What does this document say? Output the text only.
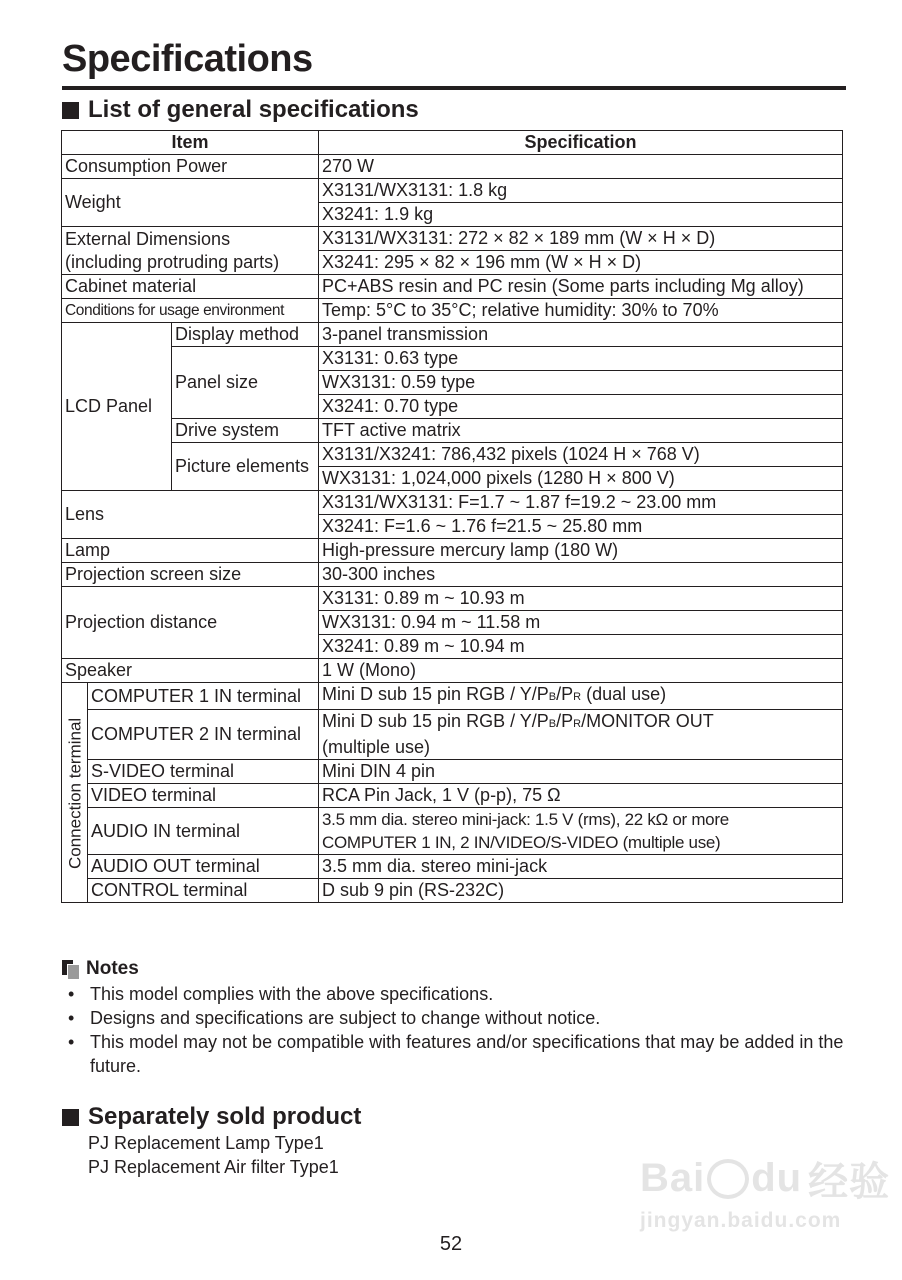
Specifications
List of general specifications
Item			Specification
Consumption Power			270 W
Weight			X3131/WX3131: 1.8 kg
			X3241: 1.9 kg

External Dimensions
(including protruding parts)			X3131/WX3131: 272 × 82 × 189 mm (W × H × D)
			X3241: 295 × 82 × 196 mm (W × H × D)
Cabinet material			PC+ABS resin and PC resin (Some parts including Mg alloy)
Conditions for usage environment			Temp: 5°C to 35°C; relative humidity: 30% to 70%
LCD Panel		Display method	3-panel transmission
		Panel size	X3131: 0.63 type
			WX3131: 0.59 type
			X3241: 0.70 type
		Drive system	TFT active matrix
		Picture elements	X3131/X3241: 786,432 pixels (1024 H × 768 V)
			WX3131: 1,024,000 pixels (1280 H × 800 V)
Lens			X3131/WX3131: F=1.7 ~ 1.87 f=19.2 ~ 23.00 mm
			X3241: F=1.6 ~ 1.76 f=21.5 ~ 25.80 mm
Lamp			High-pressure mercury lamp (180 W)
Projection screen size			30-300 inches
Projection distance			X3131: 0.89 m ~ 10.93 m
			WX3131: 0.94 m ~ 11.58 m
			X3241: 0.89 m ~ 10.94 m
Speaker			1 W (Mono)
Connection terminal	COMPUTER 1 IN terminal		Mini D sub 15 pin RGB / Y/PB/PR (dual use)
	COMPUTER 2 IN terminal		Mini D sub 15 pin RGB / Y/PB/PR/MONITOR OUT
(multiple use)

	S-VIDEO terminal		Mini DIN 4 pin
	VIDEO terminal		RCA Pin Jack, 1 V (p-p), 75 Ω
	AUDIO IN terminal		3.5 mm dia. stereo mini-jack: 1.5 V (rms), 22 kΩ or more
COMPUTER 1 IN, 2 IN/VIDEO/S-VIDEO (multiple use)

	AUDIO OUT terminal		3.5 mm dia. stereo mini-jack
	CONTROL terminal		D sub 9 pin (RS-232C)
Notes
• This model complies with the above specifications.
• Designs and specifications are subject to change without notice.
• This model may not be compatible with features and/or specifications that may be added in the future.
Separately sold product
PJ Replacement Lamp Type1
PJ Replacement Air filter Type1	Bai du 经验
jingyan.baidu.com
52
